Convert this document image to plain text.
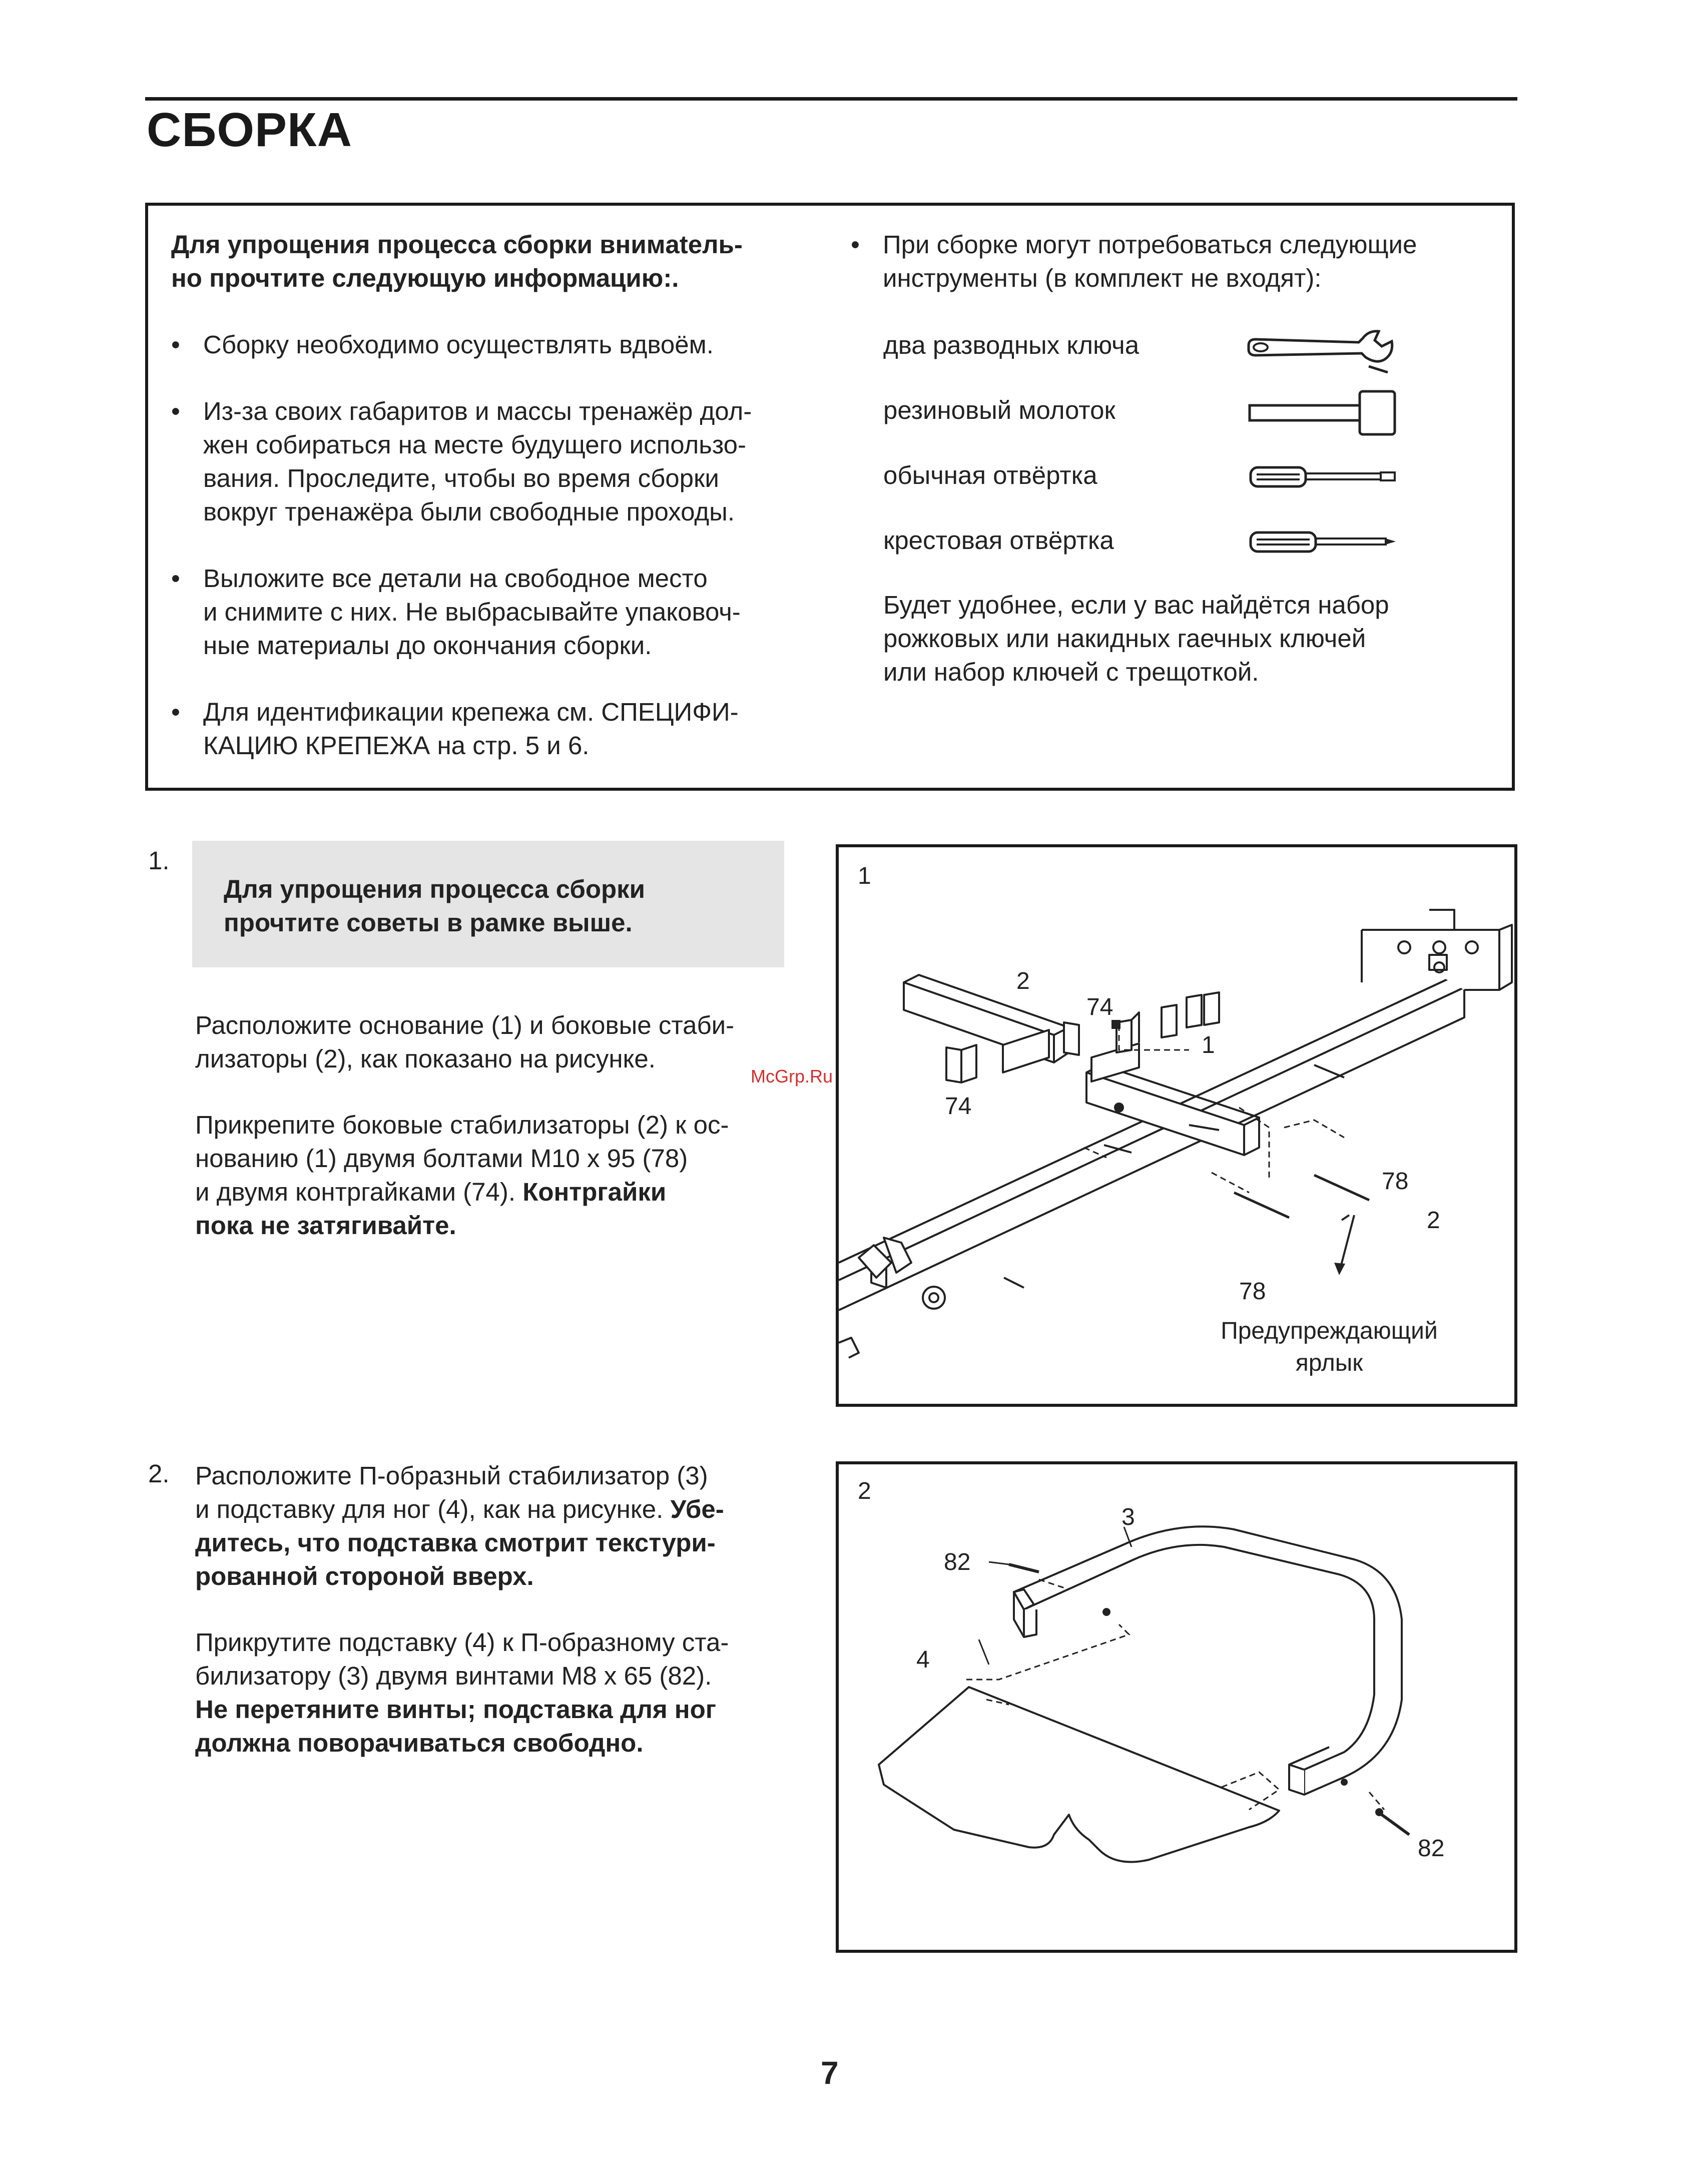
СБОРКА
Для упрощения процесса сборки внимatель-
но прочтите следующую информацию:.
• Сборку необходимо осуществлять вдвоём.
• Из-за своих габаритов и массы тренажёр дол-
жен собираться на месте будущего использо-
вания. Проследите, чтобы во время сборки
вокруг тренажёра были свободные проходы.
• Выложите все детали на свободное место
и снимите с них. Не выбрасывайте упаковоч-
ные материалы до окончания сборки.
• Для идентификации крепежа см. СПЕЦИФИ-
КАЦИЮ КРЕПЕЖА на стр. 5 и 6.
• При сборке могут потребоваться следующие
инструменты (в комплект не входят):
два разводных ключа
резиновый молоток
обычная отвёртка
крестовая отвёртка
Будет удобнее, если у вас найдётся набор
рожковых или накидных гаечных ключей
или набор ключей с трещоткой.
1.
Для упрощения процесса сборки
прочтите советы в рамке выше.
Расположите основание (1) и боковые стаби-
лизаторы (2), как показано на рисунке.
Прикрепите боковые стабилизаторы (2) к ос-
нованию (1) двумя болтами M10 x 95 (78)
и двумя контргайками (74). Контргайки
пока не затягивайте.
1
2
74
1
74
78
2
78
Предупреждающий
ярлык
2. Расположите П-образный стабилизатор (3)
и подставку для ног (4), как на рисунке. Убе-
дитесь, что подставка смотрит текстури-
рованной стороной вверх.
Прикрутите подставку (4) к П-образному ста-
билизатору (3) двумя винтами M8 x 65 (82).
Не перетяните винты; подставка для ног
должна поворачиваться свободно.
2
3
82
4
82
McGrp.Ru
7
